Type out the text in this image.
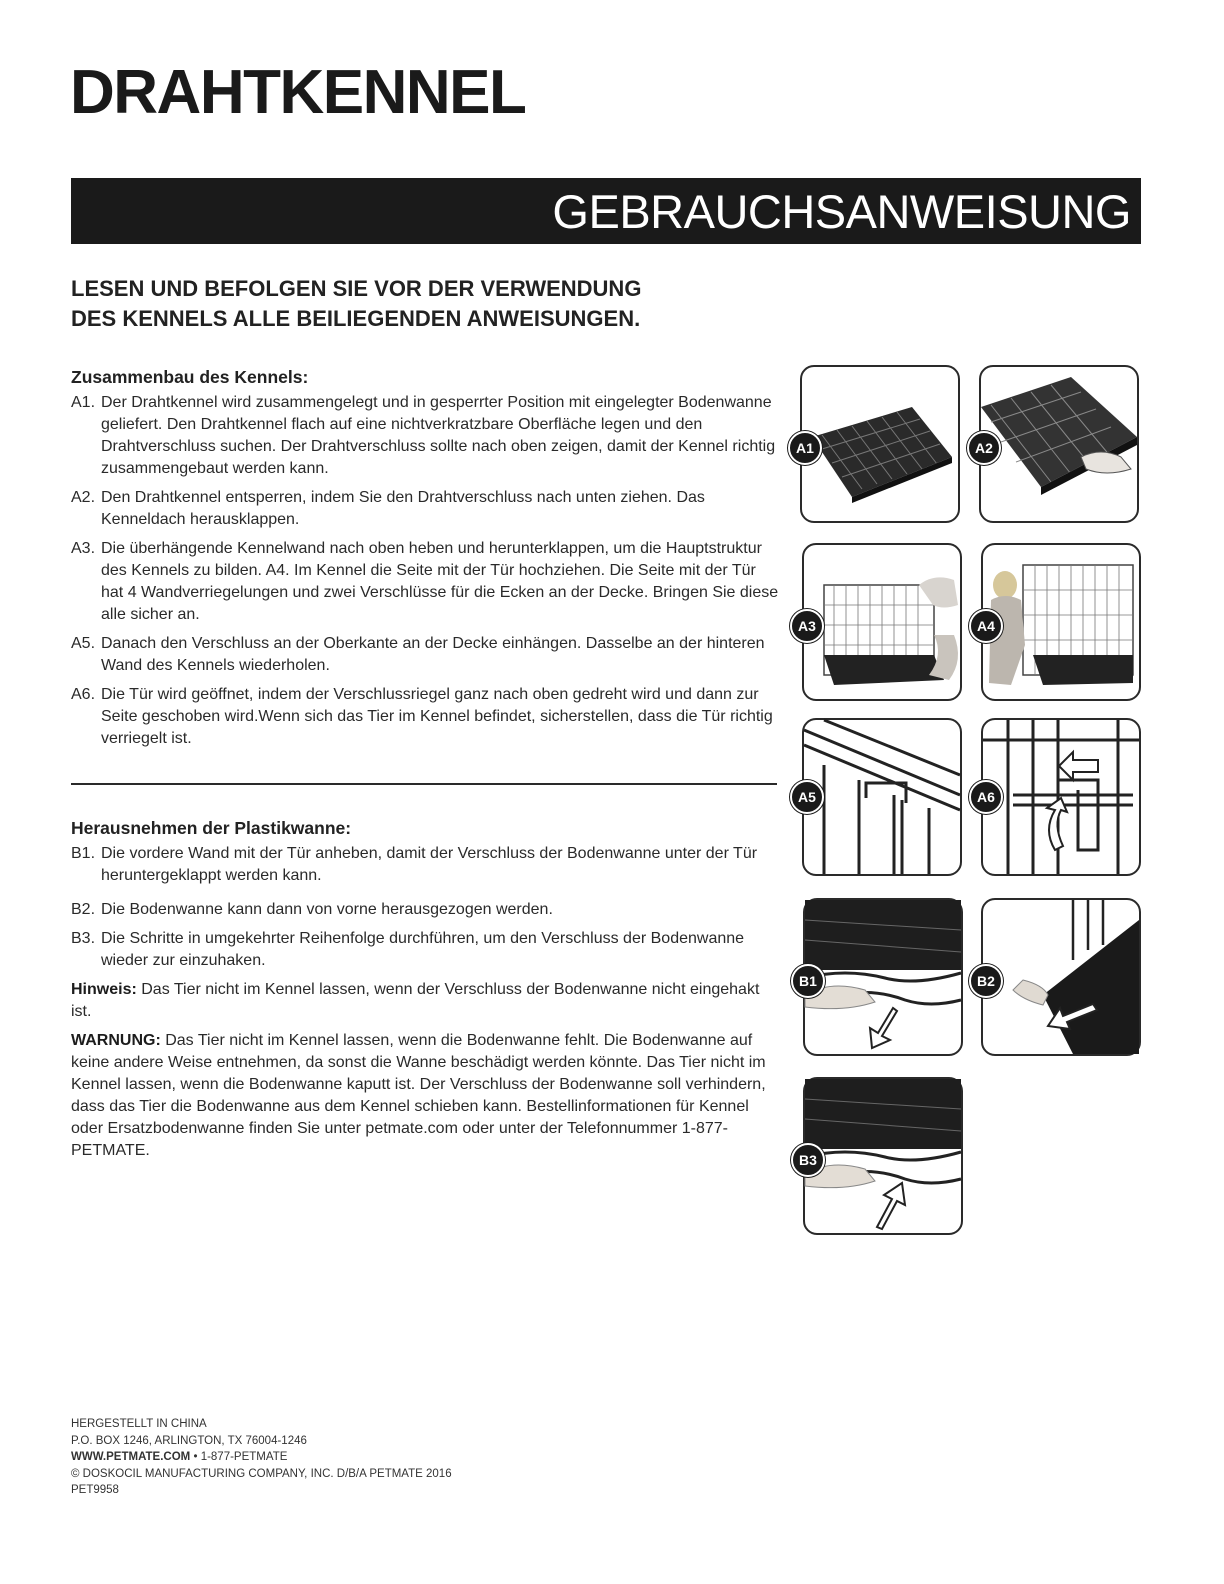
DRAHTKENNEL
GEBRAUCHSANWEISUNG
LESEN UND BEFOLGEN SIE VOR DER VERWENDUNG
DES KENNELS ALLE BEILIEGENDEN ANWEISUNGEN.
Zusammenbau des Kennels:
A1. Der Drahtkennel wird zusammengelegt und in gesperrter Position mit eingelegter Bodenwanne geliefert. Den Drahtkennel flach auf eine nichtverkratzbare Oberfläche legen und den Drahtverschluss suchen. Der Drahtverschluss sollte nach oben zeigen, damit der Kennel richtig zusammengebaut werden kann.
A2. Den Drahtkennel entsperren, indem Sie den Drahtverschluss nach unten ziehen. Das Kenneldach herausklappen.
A3. Die überhängende Kennelwand nach oben heben und herunterklappen, um die Hauptstruktur des Kennels zu bilden. A4. Im Kennel die Seite mit der Tür hochziehen. Die Seite mit der Tür hat 4 Wandverriegelungen und zwei Verschlüsse für die Ecken an der Decke. Bringen Sie diese alle sicher an.
A5. Danach den Verschluss an der Oberkante an der Decke einhängen. Dasselbe an der hinteren Wand des Kennels wiederholen.
A6. Die Tür wird geöffnet, indem der Verschlussriegel ganz nach oben gedreht wird und dann zur Seite geschoben wird.Wenn sich das Tier im Kennel befindet, sicherstellen, dass die Tür richtig verriegelt ist.
Herausnehmen der Plastikwanne:
B1. Die vordere Wand mit der Tür anheben, damit der Verschluss der Bodenwanne unter der Tür heruntergeklappt werden kann.
B2. Die Bodenwanne kann dann von vorne herausgezogen werden.
B3. Die Schritte in umgekehrter Reihenfolge durchführen, um den Verschluss der Bodenwanne wieder zur einzuhaken.

Hinweis: Das Tier nicht im Kennel lassen, wenn der Verschluss der Bodenwanne nicht eingehakt ist.

WARNUNG: Das Tier nicht im Kennel lassen, wenn die Bodenwanne fehlt. Die Bodenwanne auf keine andere Weise entnehmen, da sonst die Wanne beschädigt werden könnte. Das Tier nicht im Kennel lassen, wenn die Bodenwanne kaputt ist. Der Verschluss der Bodenwanne soll verhindern, dass das Tier die Bodenwanne aus dem Kennel schieben kann. Bestellinformationen für Kennel oder Ersatzbodenwanne finden Sie unter petmate.com oder unter der Telefonnummer 1-877-PETMATE.

A1	A2
A3	A4
A5	A6
B1	B2
B3
HERGESTELLT IN CHINA
P.O. BOX 1246, ARLINGTON, TX 76004-1246
WWW.PETMATE.COM • 1-877-PETMATE
© DOSKOCIL MANUFACTURING COMPANY, INC. D/B/A PETMATE 2016
PET9958
